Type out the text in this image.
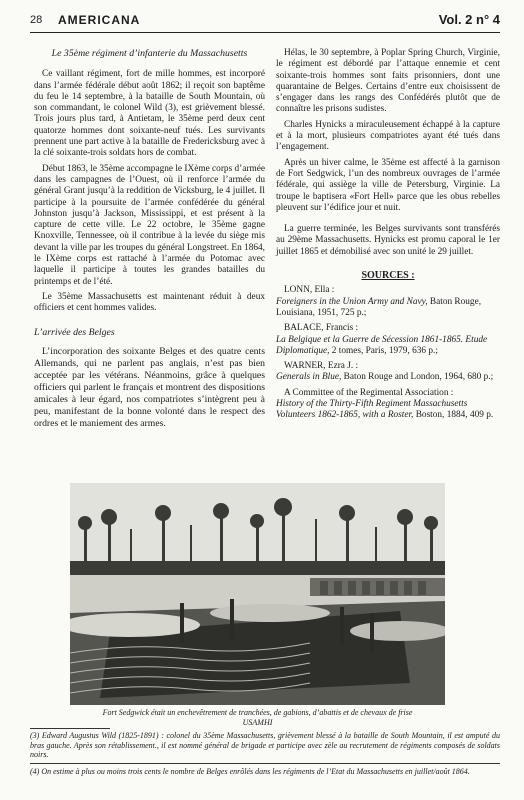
28 AMERICANA	Vol. 2 n° 4

Le 35ème régiment d’infanterie du Massachusetts

Ce vaillant régiment, fort de mille hommes, est incorporé dans l’armée fédérale début août 1862; il reçoit son baptême du feu le 14 septembre, à la bataille de South Mountain, où son commandant, le colonel Wild (3), est grièvement blessé. Trois jours plus tard, à Antietam, le 35ème perd deux cent quatorze hommes dont soixante-neuf tués. Les survivants prennent une part active à la bataille de Fredericksburg avec à la clé soixante-trois soldats hors de combat.

Début 1863, le 35ème accompagne le IXème corps d’armée dans les campagnes de l’Ouest, où il renforce l’armée du général Grant jusqu’à la reddition de Vicksburg, le 4 juillet. Il participe à la poursuite de l’armée confédérée du général Johnston jusqu’à Jackson, Mississippi, et est présent à la capture de cette ville. Le 22 octobre, le 35ème gagne Knoxville, Tennessee, où il contribue à la levée du siège mis devant la ville par les troupes du général Longstreet. En 1864, le IXème corps est rattaché à l’armée du Potomac avec laquelle il participe à toutes les grandes batailles du printemps et de l’été.

Le 35ème Massachusetts est maintenant réduit à deux officiers et cent hommes valides.

L’arrivée des Belges

L’incorporation des soixante Belges et des quatre cents Allemands, qui ne parlent pas anglais, n’est pas bien acceptée par les vétérans. Néanmoins, grâce à quelques officiers qui parlent le français et montrent des dispositions amicales à leur égard, nos compatriotes s’intègrent peu à peu, manifestant de la bonne volonté dans le respect des ordres et le maniement des armes.

Hélas, le 30 septembre, à Poplar Spring Church, Virginie, le régiment est débordé par l’attaque ennemie et cent soixante-trois hommes sont faits prisonniers, dont une quarantaine de Belges. Certains d’entre eux choisissent de s’engager dans les rangs des Confédérés plutôt que de connaître les prisons sudistes.

Charles Hynicks a miraculeusement échappé à la capture et à la mort, plusieurs compatriotes ayant été tués dans l’engagement.

Après un hiver calme, le 35ème est affecté à la garnison de Fort Sedgwick, l’un des nombreux ouvrages de l’armée fédérale, qui assiège la ville de Petersburg, Virginie. La troupe le baptisera «Fort Hell» parce que les obus rebelles pleuvent sur l’édifice jour et nuit.

La guerre terminée, les Belges survivants sont transférés au 29ème Massachusetts. Hynicks est promu caporal le 1er juillet 1865 et démobilisé avec son unité le 29 juillet.

SOURCES :

LONN, Ella :
Foreigners in the Union Army and Navy, Baton Rouge, Louisiana, 1951, 725 p.;

BALACE, Francis :
La Belgique et la Guerre de Sécession 1861-1865. Etude Diplomatique, 2 tomes, Paris, 1979, 636 p.;

WARNER, Ezra J. :
Generals in Blue, Baton Rouge and London, 1964, 680 p.;

A Committee of the Regimental Association :
History of the Thirty-Fifth Regiment Massachusetts Volunteers 1862-1865, with a Roster, Boston, 1884, 409 p.

Fort Sedgwick était un enchevêtrement de tranchées, de gabions, d’abattis et de chevaux de frise
USAMHI

(3) Edward Augustus Wild (1825-1891) : colonel du 35ème Massachusetts, grièvement blessé à la bataille de South Mountain, il est amputé du bras gauche. Après son rétablissement., il est nommé général de brigade et participe avec zèle au recrutement de régiments composés de soldats noirs.

(4) On estime à plus ou moins trois cents le nombre de Belges enrôlés dans les régiments de l’Etat du Massachusetts en juillet/août 1864.
